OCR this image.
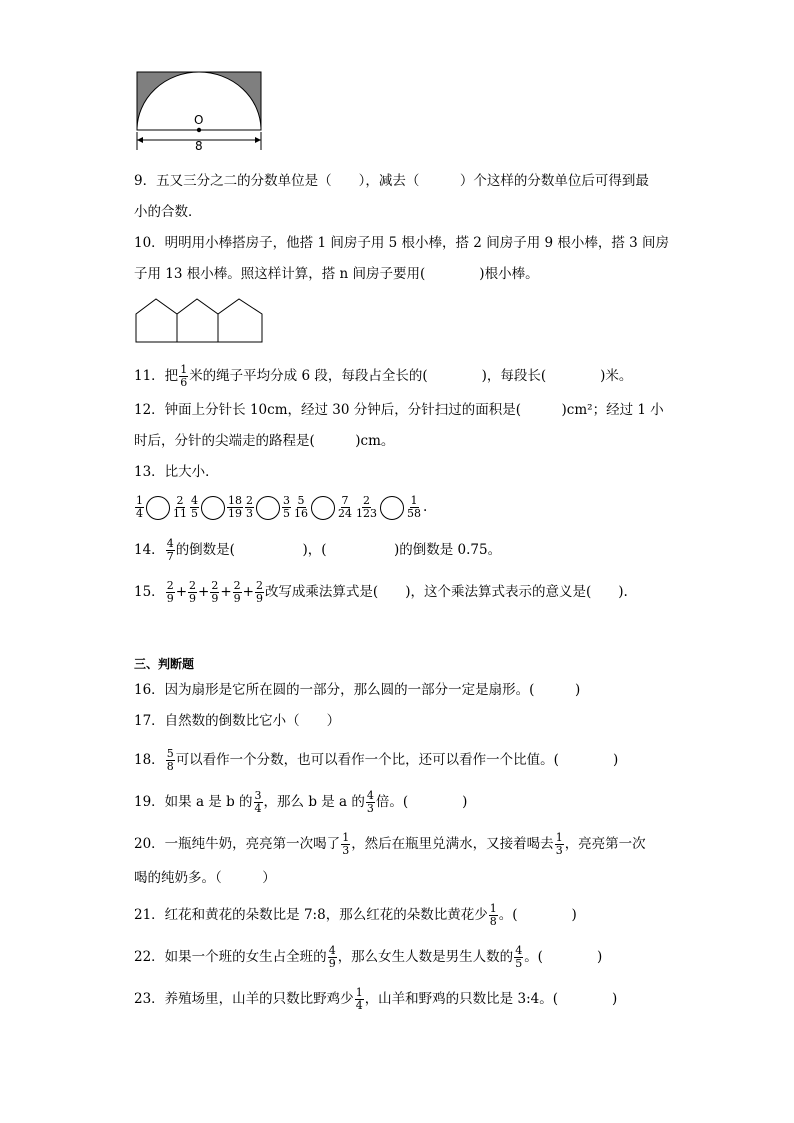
O
8
9．五又三分之二的分数单位是（　　），减去（　　　）个这样的分数单位后可得到最
小的合数．
10．明明用小棒搭房子，他搭 1 间房子用 5 根小棒，搭 2 间房子用 9 根小棒，搭 3 间房
子用 13 根小棒。照这样计算，搭 n 间房子要用(　　　　)根小棒。
11．把 $\frac{1}{6}$ 米的绳子平均分成 6 段，每段占全长的(　　　　)，每段长(　　　　)米。
12．钟面上分针长 10cm，经过 30 分钟后，分针扫过的面积是(　　　)cm²；经过 1 小
时后，分针的尖端走的路程是(　　　)cm。
13．比大小．
$\frac{1}{4}$	$\frac{2}{11} \frac{4}{5}$	$\frac{18}{19} \frac{2}{3}$	$\frac{3}{5} \frac{5}{16}$	$\frac{7}{24} \frac{2}{123}$	$\frac{1}{58}$ .
14． $\frac{4}{7}$ 的倒数是(　　　　　)，(　　　　　)的倒数是 0.75。
15． $\frac{2}{9} + \frac{2}{9} + \frac{2}{9} + \frac{2}{9} + \frac{2}{9}$ 改写成乘法算式是(　　)，这个乘法算式表示的意义是(　　).
三、判断题
16．因为扇形是它所在圆的一部分，那么圆的一部分一定是扇形。(　　　)
17．自然数的倒数比它小（　　）
18． $\frac{5}{8}$ 可以看作一个分数，也可以看作一个比，还可以看作一个比值。(　　　　)
19．如果 a 是 b 的 $\frac{3}{4}$ ，那么 b 是 a 的 $\frac{4}{3}$ 倍。(　　　　)
20．一瓶纯牛奶，亮亮第一次喝了 $\frac{1}{3}$ ，然后在瓶里兑满水，又接着喝去 $\frac{1}{3}$ ，亮亮第一次
喝的纯奶多。（　　　）
21．红花和黄花的朵数比是 7:8，那么红花的朵数比黄花少 $\frac{1}{8}$ 。(　　　　)
22．如果一个班的女生占全班的 $\frac{4}{9}$ ，那么女生人数是男生人数的 $\frac{4}{5}$ 。(　　　　)
23．养殖场里，山羊的只数比野鸡少 $\frac{1}{4}$ ，山羊和野鸡的只数比是 3:4。(　　　　)
